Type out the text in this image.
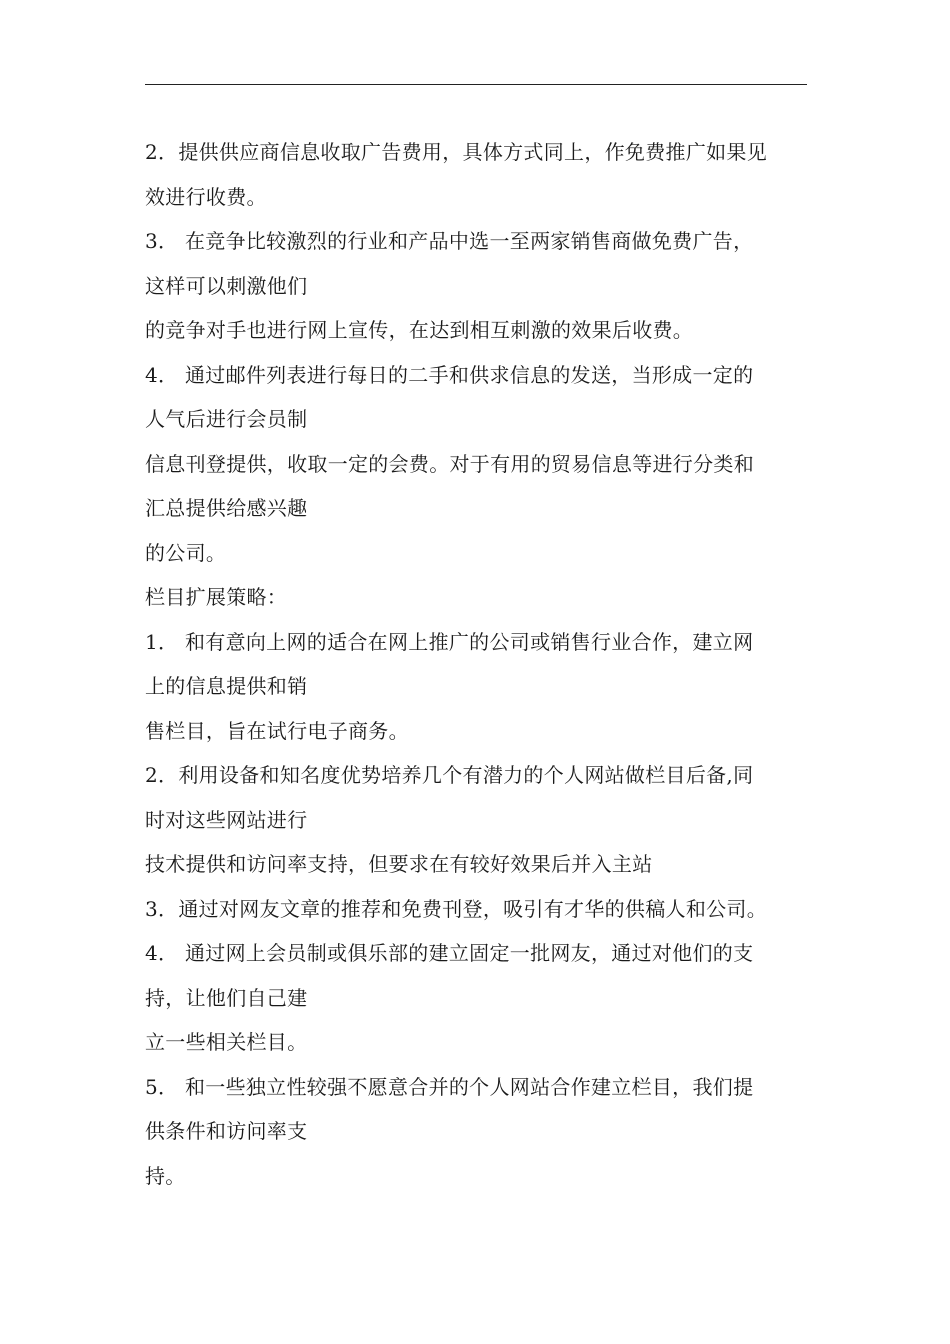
2．提供供应商信息收取广告费用，具体方式同上，作免费推广如果见
效进行收费。
3． 在竞争比较激烈的行业和产品中选一至两家销售商做免费广告，
这样可以刺激他们
的竞争对手也进行网上宣传，在达到相互刺激的效果后收费。
4． 通过邮件列表进行每日的二手和供求信息的发送，当形成一定的
人气后进行会员制
信息刊登提供，收取一定的会费。对于有用的贸易信息等进行分类和
汇总提供给感兴趣
的公司。
栏目扩展策略：
1． 和有意向上网的适合在网上推广的公司或销售行业合作，建立网
上的信息提供和销
售栏目，旨在试行电子商务。
2．利用设备和知名度优势培养几个有潜力的个人网站做栏目后备,同
时对这些网站进行
技术提供和访问率支持，但要求在有较好效果后并入主站
3．通过对网友文章的推荐和免费刊登，吸引有才华的供稿人和公司。
4． 通过网上会员制或俱乐部的建立固定一批网友，通过对他们的支
持，让他们自己建
立一些相关栏目。
5． 和一些独立性较强不愿意合并的个人网站合作建立栏目，我们提
供条件和访问率支
持。
